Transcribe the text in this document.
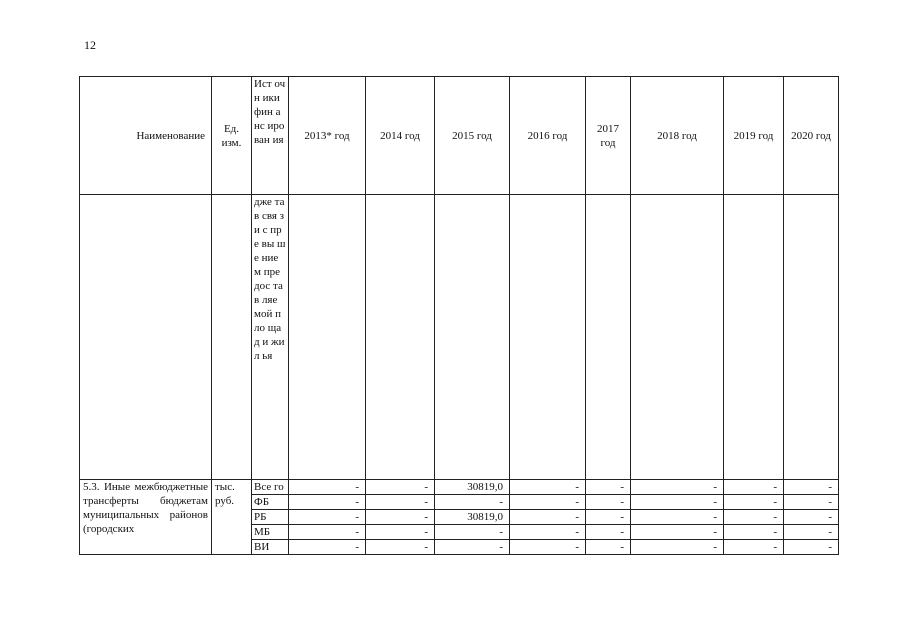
12
Наименование	Ед. изм.	Ист очн ики фин анс иро ван ия	2013* год	2014 год	2015 год	2016 год	2017 год	2018 год	2019 год	2020 год
		дже та в свя зи с пре вы ше ние м пре дос тав ляе мой пло щад и жил ья								
5.3. Иные межбюджетные трансферты бюджетам муниципальных районов (городских	тыс. руб.	Все го	-	-	30819,0	-	-	-	-	-
		ФБ	-	-	-	-	-	-	-	-
		РБ	-	-	30819,0	-	-	-	-	-
		МБ	-	-	-	-	-	-	-	-
		ВИ	-	-	-	-	-	-	-	-
